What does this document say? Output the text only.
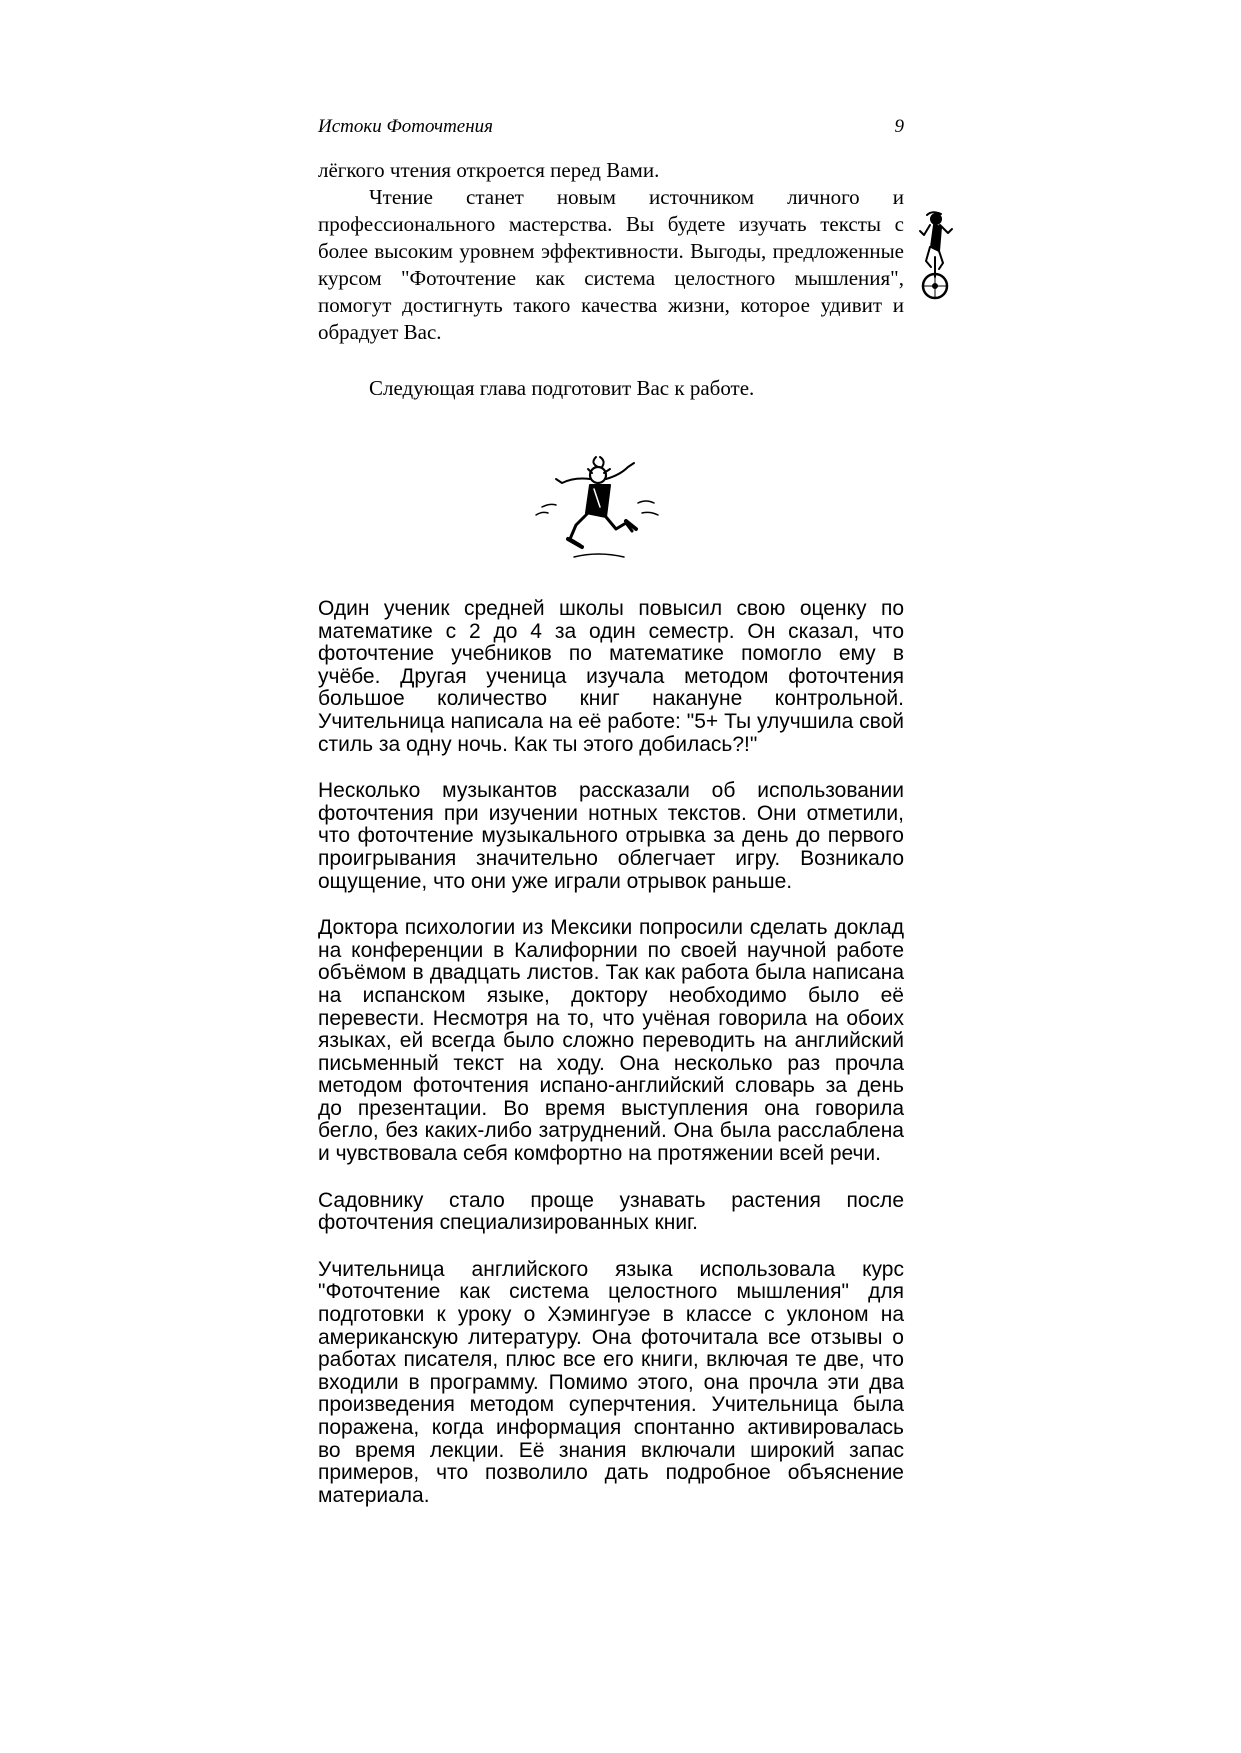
Истоки Фоточтения	9

лёгкого чтения откроется перед Вами.

Чтение станет новым источником личного и профессионального мастерства. Вы будете изучать тексты с более высоким уровнем эффективности. Выгоды, предложенные курсом "Фоточтение как система целостного мышления", помогут достигнуть такого качества жизни, которое удивит и обрадует Вас.

Следующая глава подготовит Вас к работе.

Один ученик средней школы повысил свою оценку по математике с 2 до 4 за один семестр. Он сказал, что фоточтение учебников по математике помогло ему в учёбе. Другая ученица изучала методом фоточтения большое количество книг накануне контрольной. Учительница написала на её работе: "5+ Ты улучшила свой стиль за одну ночь. Как ты этого добилась?!"

Несколько музыкантов рассказали об использовании фоточтения при изучении нотных текстов. Они отметили, что фоточтение музыкального отрывка за день до первого проигрывания значительно облегчает игру. Возникало ощущение, что они уже играли отрывок раньше.

Доктора психологии из Мексики попросили сделать доклад на конференции в Калифорнии по своей научной работе объёмом в двадцать листов. Так как работа была написана на испанском языке, доктору необходимо было её перевести. Несмотря на то, что учёная говорила на обоих языках, ей всегда было сложно переводить на английский письменный текст на ходу. Она несколько раз прочла методом фоточтения испано-английский словарь за день до презентации. Во время выступления она говорила бегло, без каких-либо затруднений. Она была расслаблена и чувствовала себя комфортно на протяжении всей речи.

Садовнику стало проще узнавать растения после фоточтения специализированных книг.

Учительница английского языка использовала курс "Фоточтение как система целостного мышления" для подготовки к уроку о Хэмингуэе в классе с уклоном на американскую литературу. Она фоточитала все отзывы о работах писателя, плюс все его книги, включая те две, что входили в программу. Помимо этого, она прочла эти два произведения методом суперчтения. Учительница была поражена, когда информация спонтанно активировалась во время лекции. Её знания включали широкий запас примеров, что позволило дать подробное объяснение материала.
